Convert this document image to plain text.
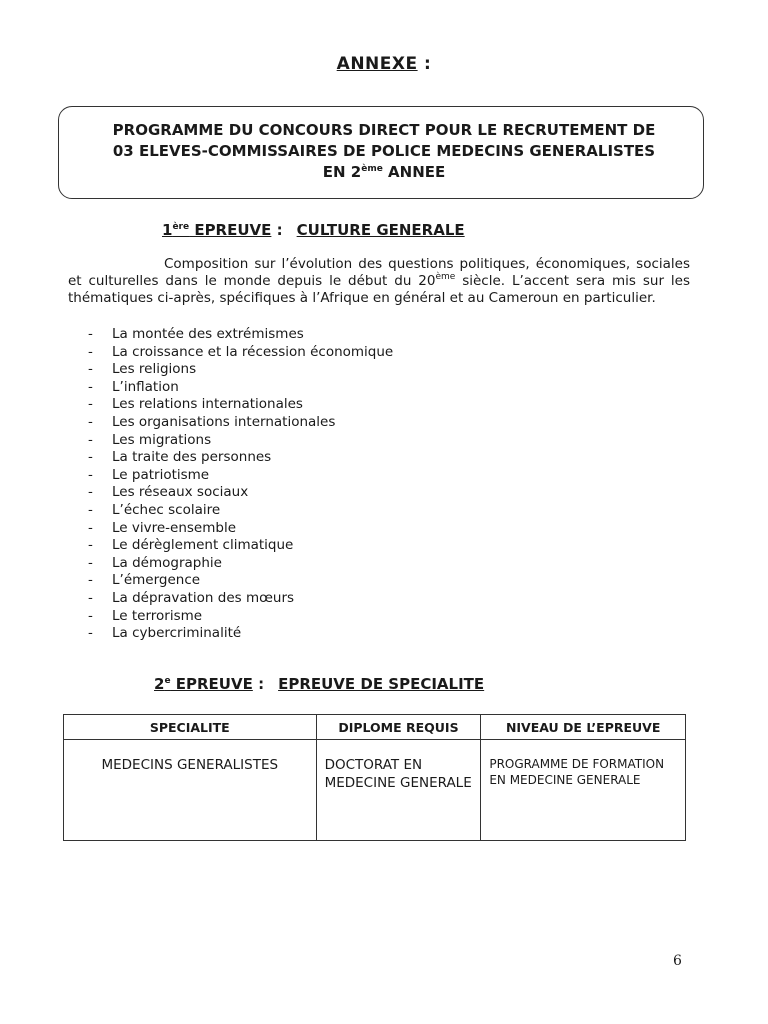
ANNEXE :
PROGRAMME DU CONCOURS DIRECT POUR LE RECRUTEMENT DE
03 ELEVES-COMMISSAIRES DE POLICE MEDECINS GENERALISTES
EN 2ème ANNEE
1ère EPREUVE : CULTURE GENERALE

Composition sur l’évolution des questions politiques, économiques, sociales et culturelles dans le monde depuis le début du 20ème siècle. L’accent sera mis sur les thématiques ci-après, spécifiques à l’Afrique en général et au Cameroun en particulier.

- La montée des extrémismes
- La croissance et la récession économique
- Les religions
- L’inflation
- Les relations internationales
- Les organisations internationales
- Les migrations
- La traite des personnes
- Le patriotisme
- Les réseaux sociaux
- L’échec scolaire
- Le vivre-ensemble
- Le dérèglement climatique
- La démographie
- L’émergence
- La dépravation des mœurs
- Le terrorisme
- La cybercriminalité
2e EPREUVE : EPREUVE DE SPECIALITE
SPECIALITE	DIPLOME REQUIS	NIVEAU DE L’EPREUVE
MEDECINS GENERALISTES	DOCTORAT EN MEDECINE GENERALE	PROGRAMME DE FORMATION EN MEDECINE GENERALE
6
